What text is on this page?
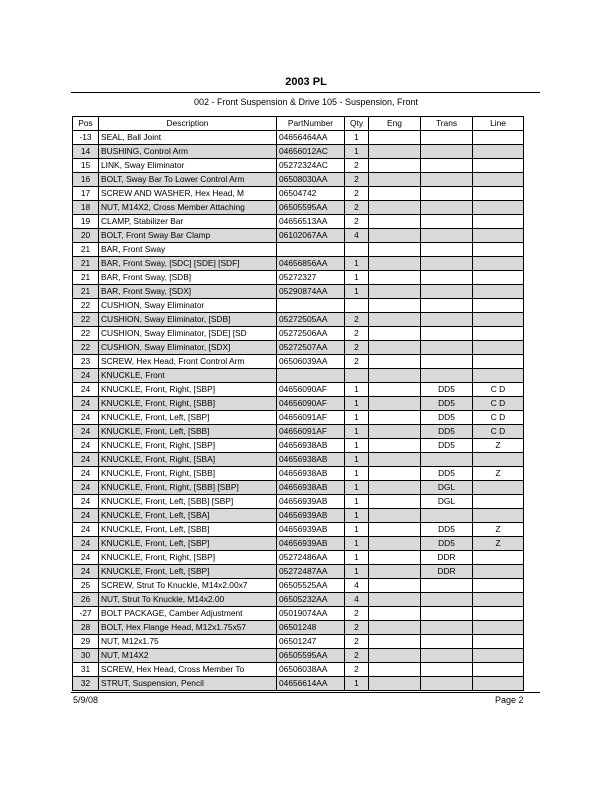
2003 PL
002 - Front Suspension & Drive 105 - Suspension, Front
Pos	Description	PartNumber	Qty	Eng	Trans	Line
-13	SEAL, Ball Joint	04656464AA	1			
14	BUSHING, Control Arm	04656012AC	1			
15	LINK, Sway Eliminator	05272324AC	2			
16	BOLT, Sway Bar To Lower Control Arm	06508030AA	2			
17	SCREW AND WASHER, Hex Head, M	06504742	2			
18	NUT, M14X2, Cross Member Attaching	06505595AA	2			
19	CLAMP, Stabilizer Bar	04656513AA	2			
20	BOLT, Front Sway Bar Clamp	06102067AA	4			
21	BAR, Front Sway					
21	BAR, Front Sway, [SDC] [SDE] [SDF]	04656856AA	1			
21	BAR, Front Sway, [SDB]	05272327	1			
21	BAR, Front Sway, [SDX]	05290874AA	1			
22	CUSHION, Sway Eliminator					
22	CUSHION, Sway Eliminator, [SDB]	05272505AA	2			
22	CUSHION, Sway Eliminator, [SDE] [SD	05272506AA	2			
22	CUSHION, Sway Eliminator, [SDX]	05272507AA	2			
23	SCREW, Hex Head, Front Control Arm	06506039AA	2			
24	KNUCKLE, Front					
24	KNUCKLE, Front, Right, [SBP]	04656090AF	1		DD5	C D
24	KNUCKLE, Front, Right, [SBB]	04656090AF	1		DD5	C D
24	KNUCKLE, Front, Left, [SBP]	04656091AF	1		DD5	C D
24	KNUCKLE, Front, Left, [SBB]	04656091AF	1		DD5	C D
24	KNUCKLE, Front, Right, [SBP]	04656938AB	1		DD5	Z
24	KNUCKLE, Front, Right, [SBA]	04656938AB	1			
24	KNUCKLE, Front, Right, [SBB]	04656938AB	1		DD5	Z
24	KNUCKLE, Front, Right, [SBB] [SBP]	04656938AB	1		DGL	
24	KNUCKLE, Front, Left, [SBB] [SBP]	04656939AB	1		DGL	
24	KNUCKLE, Front, Left, [SBA]	04656939AB	1			
24	KNUCKLE, Front, Left, [SBB]	04656939AB	1		DD5	Z
24	KNUCKLE, Front, Left, [SBP]	04656939AB	1		DD5	Z
24	KNUCKLE, Front, Right, [SBP]	05272486AA	1		DDR	
24	KNUCKLE, Front, Left, [SBP]	05272487AA	1		DDR	
25	SCREW, Strut To Knuckle, M14x2.00x7	06505525AA	4			
26	NUT, Strut To Knuckle, M14x2.00	06505232AA	4			
-27	BOLT PACKAGE, Camber Adjustment	05019074AA	2			
28	BOLT, Hex Flange Head, M12x1.75x57	06501248	2			
29	NUT, M12x1.75	06501247	2			
30	NUT, M14X2	06505595AA	2			
31	SCREW, Hex Head, Cross Member To	06506038AA	2			
32	STRUT, Suspension, Pencil	04656614AA	1			
5/9/08	Page 2
